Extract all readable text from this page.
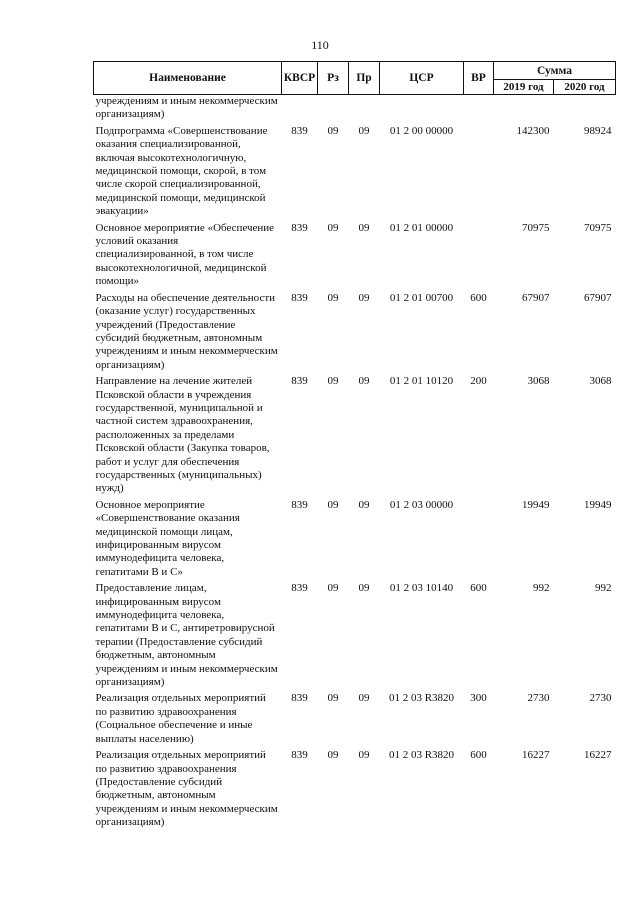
110
Наименование	КВСР	Рз	Пр	ЦСР	ВР	Сумма	
						2019 год	2020 год
учреждениям и иным некоммерческим организациям)							
Подпрограмма «Совершенствование оказания специализированной, включая высокотехнологичную, медицинской помощи, скорой, в том числе скорой специализированной, медицинской помощи, медицинской эвакуации»	839	09	09	01 2 00 00000		142300	98924
Основное мероприятие «Обеспечение условий оказания специализированной, в том числе высокотехнологичной, медицинской помощи»	839	09	09	01 2 01 00000		70975	70975
Расходы на обеспечение деятельности (оказание услуг) государственных учреждений (Предоставление субсидий бюджетным, автономным учреждениям и иным некоммерческим организациям)	839	09	09	01 2 01 00700	600	67907	67907
Направление на лечение жителей Псковской области в учреждения государственной, муниципальной и частной систем здравоохранения, расположенных за пределами Псковской области (Закупка товаров, работ и услуг для обеспечения государственных (муниципальных) нужд)	839	09	09	01 2 01 10120	200	3068	3068
Основное мероприятие «Совершенствование оказания медицинской помощи лицам, инфицированным вирусом иммунодефицита человека, гепатитами В и С»	839	09	09	01 2 03 00000		19949	19949
Предоставление лицам, инфицированным вирусом иммунодефицита человека, гепатитами В и С, антиретровирусной терапии (Предоставление субсидий бюджетным, автономным учреждениям и иным некоммерческим организациям)	839	09	09	01 2 03 10140	600	992	992
Реализация отдельных мероприятий по развитию здравоохранения (Социальное обеспечение и иные выплаты населению)	839	09	09	01 2 03 R3820	300	2730	2730
Реализация отдельных мероприятий по развитию здравоохранения (Предоставление субсидий бюджетным, автономным учреждениям и иным некоммерческим организациям)	839	09	09	01 2 03 R3820	600	16227	16227
